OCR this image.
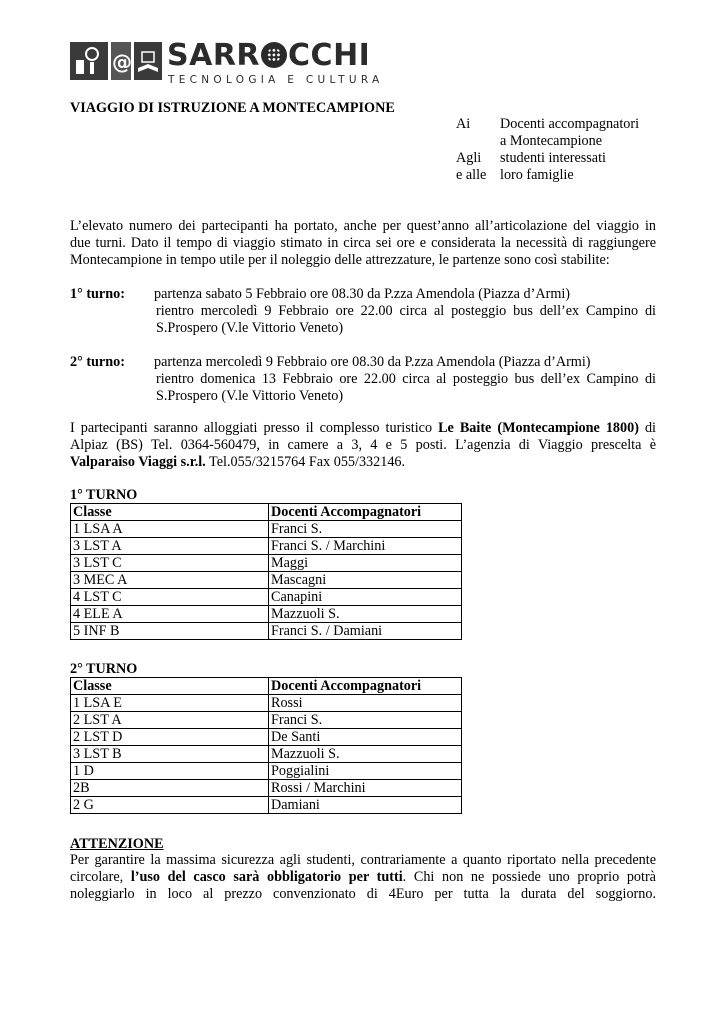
@ SARR CCHI
TECNOLOGIA E CULTURA
VIAGGIO DI ISTRUZIONE A MONTECAMPIONE
Ai Docenti accompagnatori
a Montecampione
Agli studenti interessati
e alle loro famiglie
L’elevato numero dei partecipanti ha portato, anche per quest’anno all’articolazione del viaggio in
due turni. Dato il tempo di viaggio stimato in circa sei ore e considerata la necessità di raggiungere
Montecampione in tempo utile per il noleggio delle attrezzature, le partenze sono così stabilite:
1° turno: partenza sabato 5 Febbraio ore 08.30 da P.zza Amendola (Piazza d’Armi)
rientro mercoledì 9 Febbraio ore 22.00 circa al posteggio bus dell’ex Campino di
S.Prospero (V.le Vittorio Veneto)
2° turno: partenza mercoledì 9 Febbraio ore 08.30 da P.zza Amendola (Piazza d’Armi)
rientro domenica 13 Febbraio ore 22.00 circa al posteggio bus dell’ex Campino di
S.Prospero (V.le Vittorio Veneto)
I partecipanti saranno alloggiati presso il complesso turistico Le Baite (Montecampione 1800) di
Alpiaz (BS) Tel. 0364-560479, in camere a 3, 4 e 5 posti. L’agenzia di Viaggio prescelta è
Valparaiso Viaggi s.r.l. Tel.055/3215764 Fax 055/332146.
1° TURNO
Classe	Docenti Accompagnatori
1 LSA A	Franci S.
3 LST A	Franci S. / Marchini
3 LST C	Maggi
3 MEC A	Mascagni
4 LST C	Canapini
4 ELE A	Mazzuoli S.
5 INF B	Franci S. / Damiani
2° TURNO
Classe	Docenti Accompagnatori
1 LSA E	Rossi
2 LST A	Franci S.
2 LST D	De Santi
3 LST B	Mazzuoli S.
1 D	Poggialini
2B	Rossi / Marchini
2 G	Damiani
ATTENZIONE
Per garantire la massima sicurezza agli studenti, contrariamente a quanto riportato nella precedente
circolare, l’uso del casco sarà obbligatorio per tutti. Chi non ne possiede uno proprio potrà
noleggiarlo in loco al prezzo convenzionato di 4Euro per tutta la durata del soggiorno.
